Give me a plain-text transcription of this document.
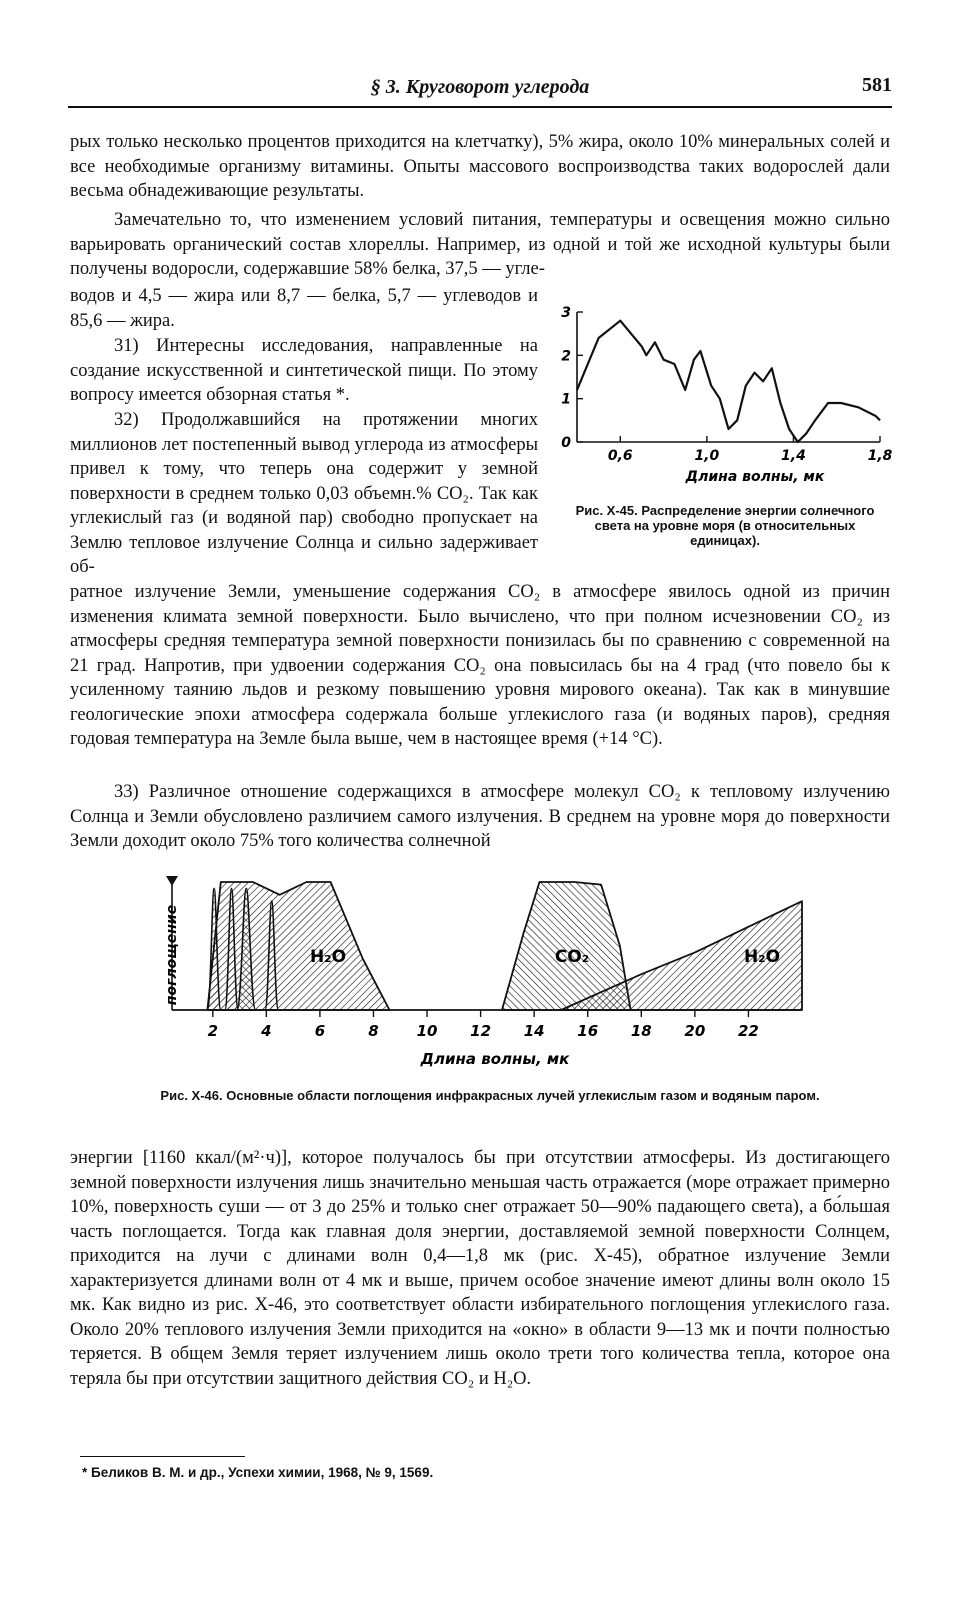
§ 3. Круговорот углерода	581

рых только несколько процентов приходится на клетчатку), 5% жира, около 10% минеральных солей и все необходимые организму витамины. Опыты массового воспроизводства таких водорослей дали весьма обнадеживающие результаты.

Замечательно то, что изменением условий питания, температуры и освещения можно сильно варьировать органический состав хлореллы. Например, из одной и той же исходной культуры были получены водоросли, содержавшие 58% белка, 37,5 — угле-

водов и 4,5 — жира или 8,7 — белка, 5,7 — углеводов и 85,6 — жира.

31) Интересны исследования, направленные на создание искусственной и синтетической пищи. По этому вопросу имеется обзорная статья *.

32) Продолжавшийся на протяжении многих миллионов лет постепенный вывод углерода из атмосферы привел к тому, что теперь она содержит у земной поверхности в среднем только 0,03 объемн.% CO₂. Так как углекислый газ (и водяной пар) свободно пропускает на Землю тепловое излучение Солнца и сильно задерживает об-

ратное излучение Земли, уменьшение содержания CO₂ в атмосфере явилось одной из причин изменения климата земной поверхности. Было вычислено, что при полном исчезновении CO₂ из атмосферы средняя температура земной поверхности понизилась бы по сравнению с современной на 21 град. Напротив, при удвоении содержания CO₂ она повысилась бы на 4 град (что повело бы к усиленному таянию льдов и резкому повышению уровня мирового океана). Так как в минувшие геологические эпохи атмосфера содержала больше углекислого газа (и водяных паров), средняя годовая температура на Земле была выше, чем в настоящее время (+14 °C).

33) Различное отношение содержащихся в атмосфере молекул CO₂ к тепловому излучению Солнца и Земли обусловлено различием самого излучения. В среднем на уровне моря до поверхности Земли доходит около 75% того количества солнечной

0
1
2
3
0,6	1,0	1,4	1,8
Длина волны, мк

Рис. X-45. Распределение энергии солнечного света на уровне моря (в относительных единицах).

2	4	6	8	10 12 14 16 18 20 22
H₂O	CO₂	H₂O
поглощение
Длина волны, мк

Рис. X-46. Основные области поглощения инфракрасных лучей углекислым газом и водяным паром.

энергии [1160 ккал/(м²·ч)], которое получалось бы при отсутствии атмосферы. Из достигающего земной поверхности излучения лишь значительно меньшая часть отражается (море отражает примерно 10%, поверхность суши — от 3 до 25% и только снег отражает 50—90% падающего света), а бо́льшая часть поглощается. Тогда как главная доля энергии, доставляемой земной поверхности Солнцем, приходится на лучи с длинами волн 0,4—1,8 мк (рис. X-45), обратное излучение Земли характеризуется длинами волн от 4 мк и выше, причем особое значение имеют длины волн около 15 мк. Как видно из рис. X-46, это соответствует области избирательного поглощения углекислого газа. Около 20% теплового излучения Земли приходится на «окно» в области 9—13 мк и почти полностью теряется. В общем Земля теряет излучением лишь около трети того количества тепла, которое она теряла бы при отсутствии защитного действия CO₂ и H₂O.

* Беликов В. М. и др., Успехи химии, 1968, № 9, 1569.
